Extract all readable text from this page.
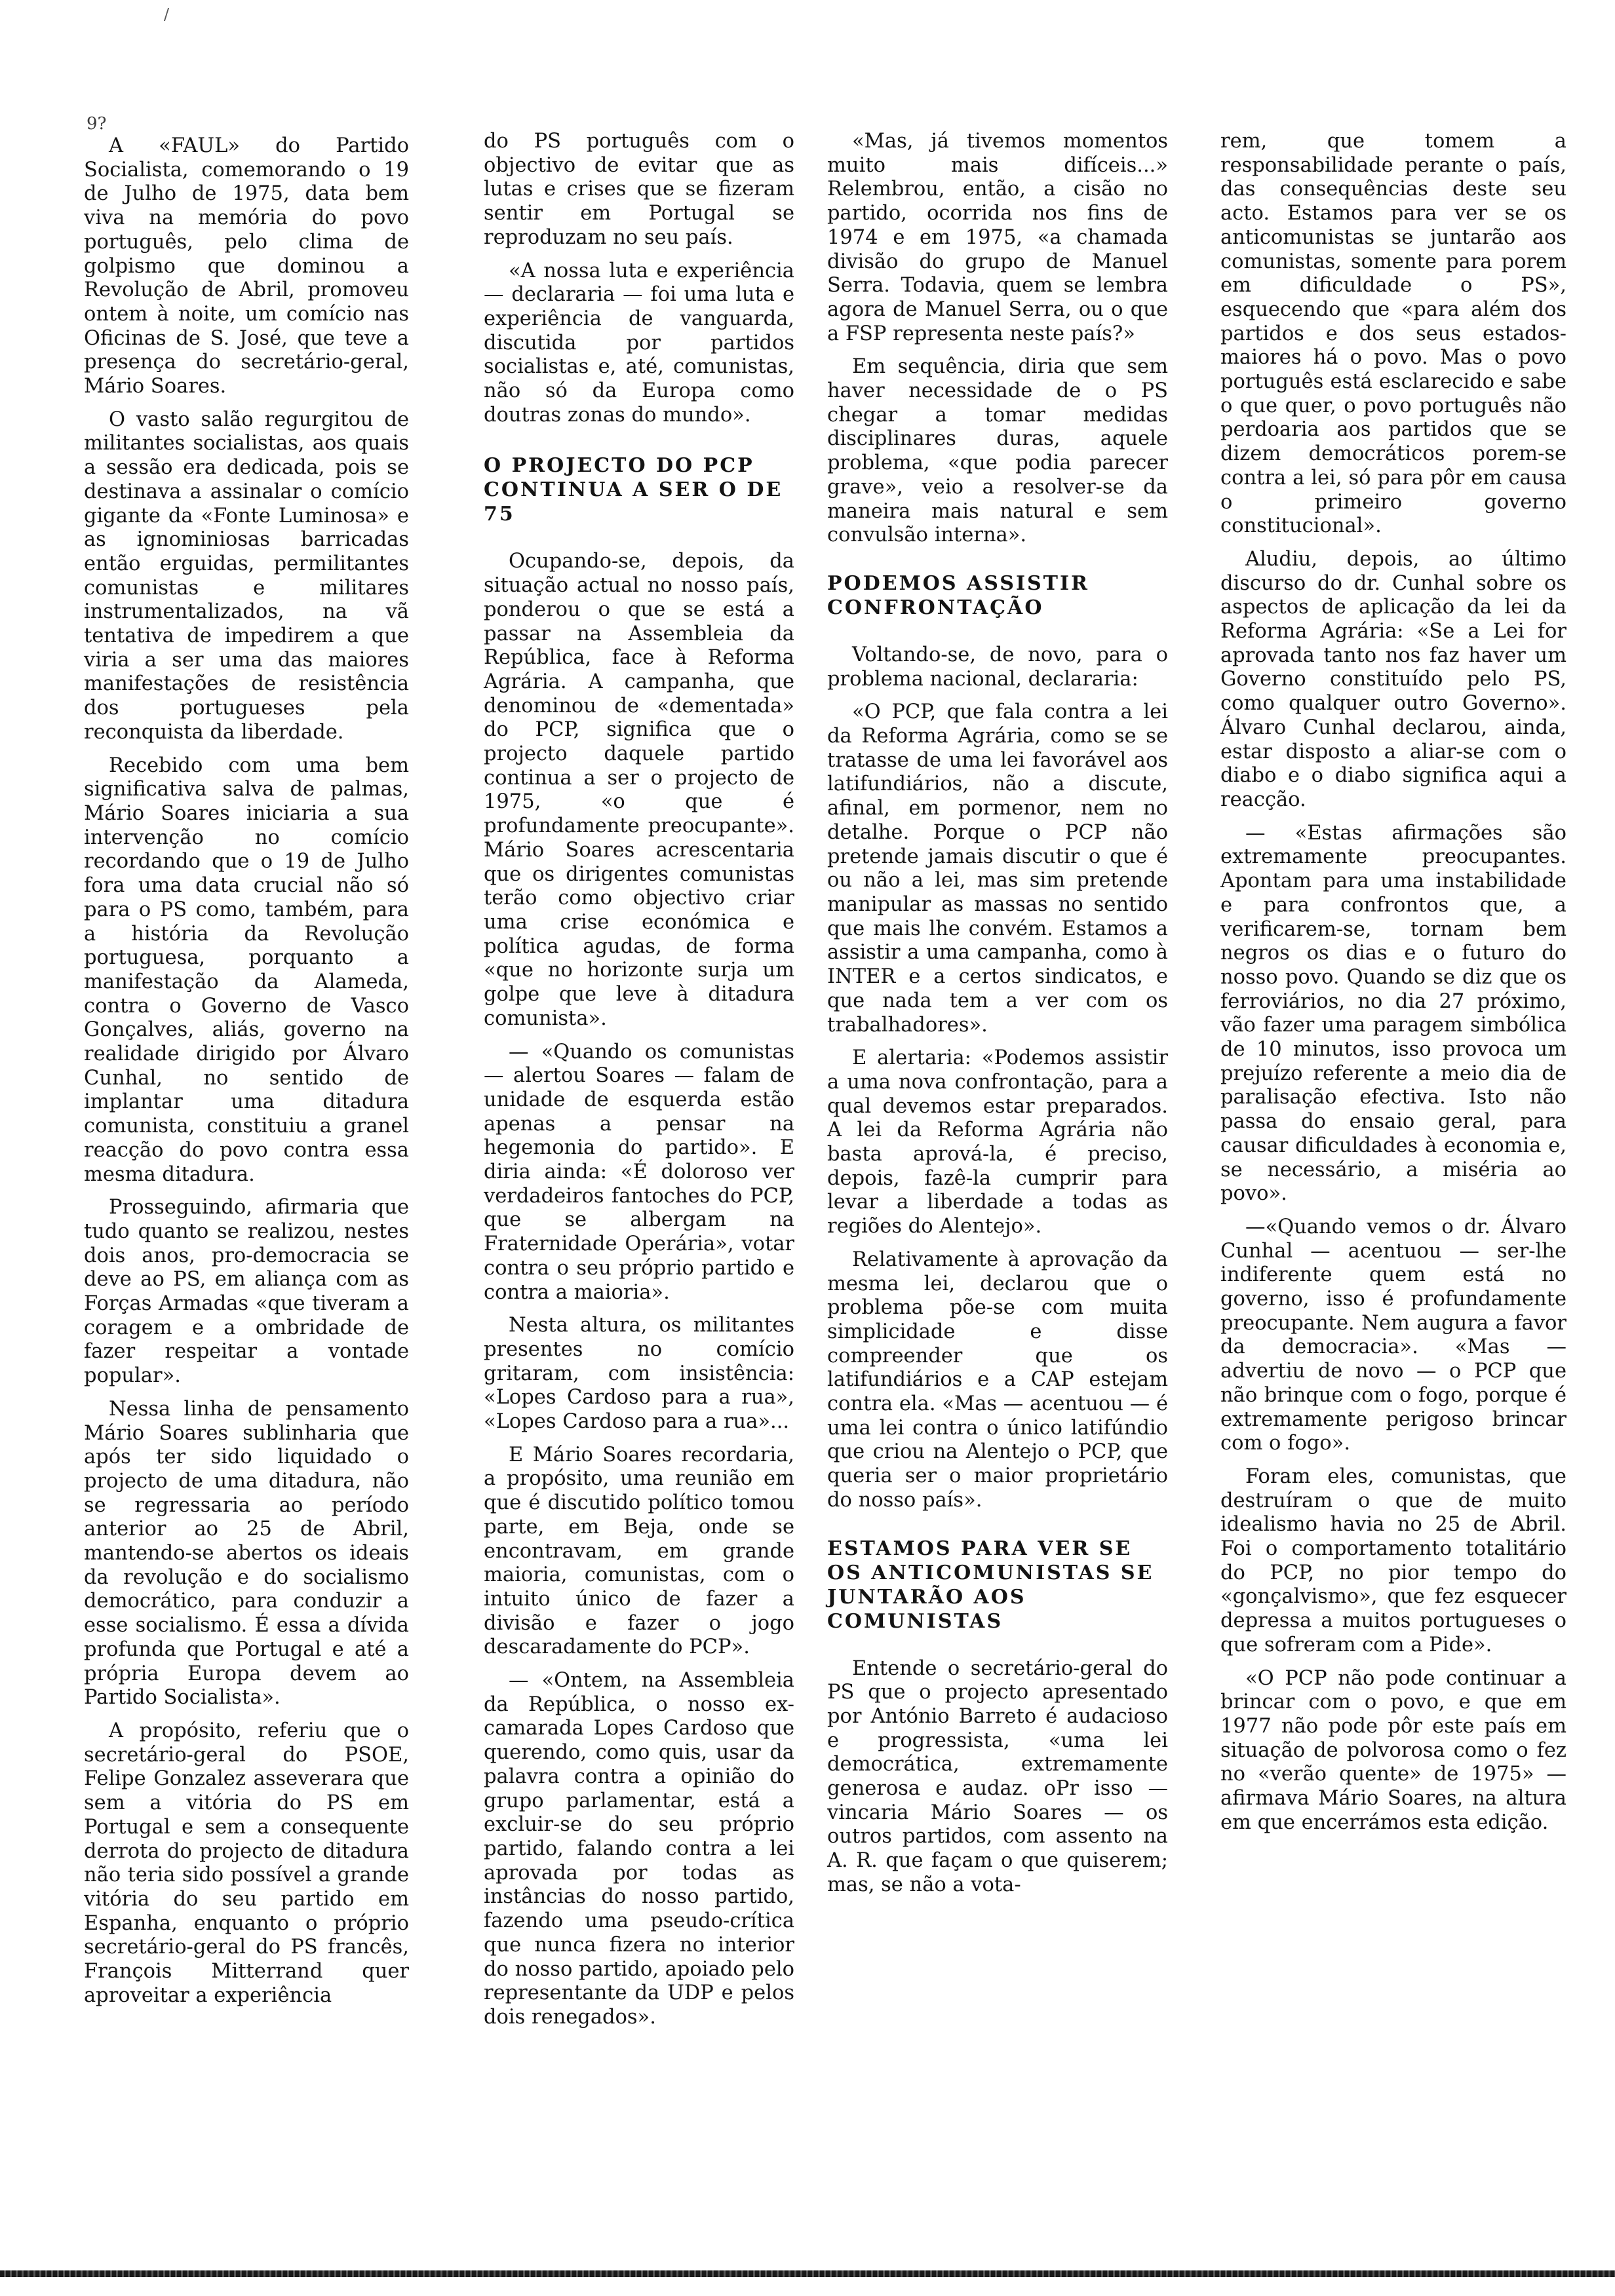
/
9?

A «FAUL» do Partido Socialista, comemorando o 19 de Julho de 1975, data bem viva na memória do povo português, pelo clima de golpismo que dominou a Revolução de Abril, promoveu ontem à noite, um comício nas Oficinas de S. José, que teve a presença do secretário-geral, Mário Soares.

O vasto salão regurgitou de militantes socialistas, aos quais a sessão era dedicada, pois se destinava a assinalar o comício gigante da «Fonte Luminosa» e as ignominiosas barricadas então erguidas, permilitantes comunistas e militares instrumentalizados, na vã tentativa de impedirem a que viria a ser uma das maiores manifestações de resistência dos portugueses pela reconquista da liberdade.

Recebido com uma bem significativa salva de palmas, Mário Soares iniciaria a sua intervenção no comício recordando que o 19 de Julho fora uma data crucial não só para o PS como, também, para a história da Revolução portuguesa, porquanto a manifestação da Alameda, contra o Governo de Vasco Gonçalves, aliás, governo na realidade dirigido por Álvaro Cunhal, no sentido de implantar uma ditadura comunista, constituiu a granel reacção do povo contra essa mesma ditadura.

Prosseguindo, afirmaria que tudo quanto se realizou, nestes dois anos, pro-democracia se deve ao PS, em aliança com as Forças Armadas «que tiveram a coragem e a ombridade de fazer respeitar a vontade popular».

Nessa linha de pensamento Mário Soares sublinharia que após ter sido liquidado o projecto de uma ditadura, não se regressaria ao período anterior ao 25 de Abril, mantendo-se abertos os ideais da revolução e do socialismo democrático, para conduzir a esse socialismo. É essa a dívida profunda que Portugal e até a própria Europa devem ao Partido Socialista».

A propósito, referiu que o secretário-geral do PSOE, Felipe Gonzalez asseverara que sem a vitória do PS em Portugal e sem a consequente derrota do projecto de ditadura não teria sido possível a grande vitória do seu partido em Espanha, enquanto o próprio secretário-geral do PS francês, François Mitterrand quer aproveitar a experiência

do PS português com o objectivo de evitar que as lutas e crises que se fizeram sentir em Portugal se reproduzam no seu país.

«A nossa luta e experiência — declararia — foi uma luta e experiência de vanguarda, discutida por partidos socialistas e, até, comunistas, não só da Europa como doutras zonas do mundo».

O PROJECTO DO PCP CONTINUA A SER O DE 75

Ocupando-se, depois, da situação actual no nosso país, ponderou o que se está a passar na Assembleia da República, face à Reforma Agrária. A campanha, que denominou de «dementada» do PCP, significa que o projecto daquele partido continua a ser o projecto de 1975, «o que é profundamente preocupante». Mário Soares acrescentaria que os dirigentes comunistas terão como objectivo criar uma crise económica e política agudas, de forma «que no horizonte surja um golpe que leve à ditadura comunista».

— «Quando os comunistas — alertou Soares — falam de unidade de esquerda estão apenas a pensar na hegemonia do partido». E diria ainda: «É doloroso ver verdadeiros fantoches do PCP, que se albergam na Fraternidade Operária», votar contra o seu próprio partido e contra a maioria».

Nesta altura, os militantes presentes no comício gritaram, com insistência: «Lopes Cardoso para a rua», «Lopes Cardoso para a rua»...

E Mário Soares recordaria, a propósito, uma reunião em que é discutido político tomou parte, em Beja, onde se encontravam, em grande maioria, comunistas, com o intuito único de fazer a divisão e fazer o jogo descaradamente do PCP».

— «Ontem, na Assembleia da República, o nosso ex-camarada Lopes Cardoso que querendo, como quis, usar da palavra contra a opinião do grupo parlamentar, está a excluir-se do seu próprio partido, falando contra a lei aprovada por todas as instâncias do nosso partido, fazendo uma pseudo-crítica que nunca fizera no interior do nosso partido, apoiado pelo representante da UDP e pelos dois renegados».

«Mas, já tivemos momentos muito mais difíceis...» Relembrou, então, a cisão no partido, ocorrida nos fins de 1974 e em 1975, «a chamada divisão do grupo de Manuel Serra. Todavia, quem se lembra agora de Manuel Serra, ou o que a FSP representa neste país?»

Em sequência, diria que sem haver necessidade de o PS chegar a tomar medidas disciplinares duras, aquele problema, «que podia parecer grave», veio a resolver-se da maneira mais natural e sem convulsão interna».

PODEMOS ASSISTIR CONFRONTAÇÃO

Voltando-se, de novo, para o problema nacional, declararia:

«O PCP, que fala contra a lei da Reforma Agrária, como se se tratasse de uma lei favorável aos latifundiários, não a discute, afinal, em pormenor, nem no detalhe. Porque o PCP não pretende jamais discutir o que é ou não a lei, mas sim pretende manipular as massas no sentido que mais lhe convém. Estamos a assistir a uma campanha, como à INTER e a certos sindicatos, e que nada tem a ver com os trabalhadores».

E alertaria: «Podemos assistir a uma nova confrontação, para a qual devemos estar preparados. A lei da Reforma Agrária não basta aprová-la, é preciso, depois, fazê-la cumprir para levar a liberdade a todas as regiões do Alentejo».

Relativamente à aprovação da mesma lei, declarou que o problema põe-se com muita simplicidade e disse compreender que os latifundiários e a CAP estejam contra ela. «Mas — acentuou — é uma lei contra o único latifúndio que criou na Alentejo o PCP, que queria ser o maior proprietário do nosso país».

ESTAMOS PARA VER SE OS ANTICOMUNISTAS SE JUNTARÃO AOS COMUNISTAS

Entende o secretário-geral do PS que o projecto apresentado por António Barreto é audacioso e progressista, «uma lei democrática, extremamente generosa e audaz. oPr isso — vincaria Mário Soares — os outros partidos, com assento na A. R. que façam o que quiserem; mas, se não a vota-

rem, que tomem a responsabilidade perante o país, das consequências deste seu acto. Estamos para ver se os anticomunistas se juntarão aos comunistas, somente para porem em dificuldade o PS», esquecendo que «para além dos partidos e dos seus estados-maiores há o povo. Mas o povo português está esclarecido e sabe o que quer, o povo português não perdoaria aos partidos que se dizem democráticos porem-se contra a lei, só para pôr em causa o primeiro governo constitucional».

Aludiu, depois, ao último discurso do dr. Cunhal sobre os aspectos de aplicação da lei da Reforma Agrária: «Se a Lei for aprovada tanto nos faz haver um Governo constituído pelo PS, como qualquer outro Governo». Álvaro Cunhal declarou, ainda, estar disposto a aliar-se com o diabo e o diabo significa aqui a reacção.

— «Estas afirmações são extremamente preocupantes. Apontam para uma instabilidade e para confrontos que, a verificarem-se, tornam bem negros os dias e o futuro do nosso povo. Quando se diz que os ferroviários, no dia 27 próximo, vão fazer uma paragem simbólica de 10 minutos, isso provoca um prejuízo referente a meio dia de paralisação efectiva. Isto não passa do ensaio geral, para causar dificuldades à economia e, se necessário, a miséria ao povo».

—«Quando vemos o dr. Álvaro Cunhal — acentuou — ser-lhe indiferente quem está no governo, isso é profundamente preocupante. Nem augura a favor da democracia». «Mas — advertiu de novo — o PCP que não brinque com o fogo, porque é extremamente perigoso brincar com o fogo».

Foram eles, comunistas, que destruíram o que de muito idealismo havia no 25 de Abril. Foi o comportamento totalitário do PCP, no pior tempo do «gonçalvismo», que fez esquecer depressa a muitos portugueses o que sofreram com a Pide».

«O PCP não pode continuar a brincar com o povo, e que em 1977 não pode pôr este país em situação de polvorosa como o fez no «verão quente» de 1975» — afirmava Mário Soares, na altura em que encerrámos esta edição.
